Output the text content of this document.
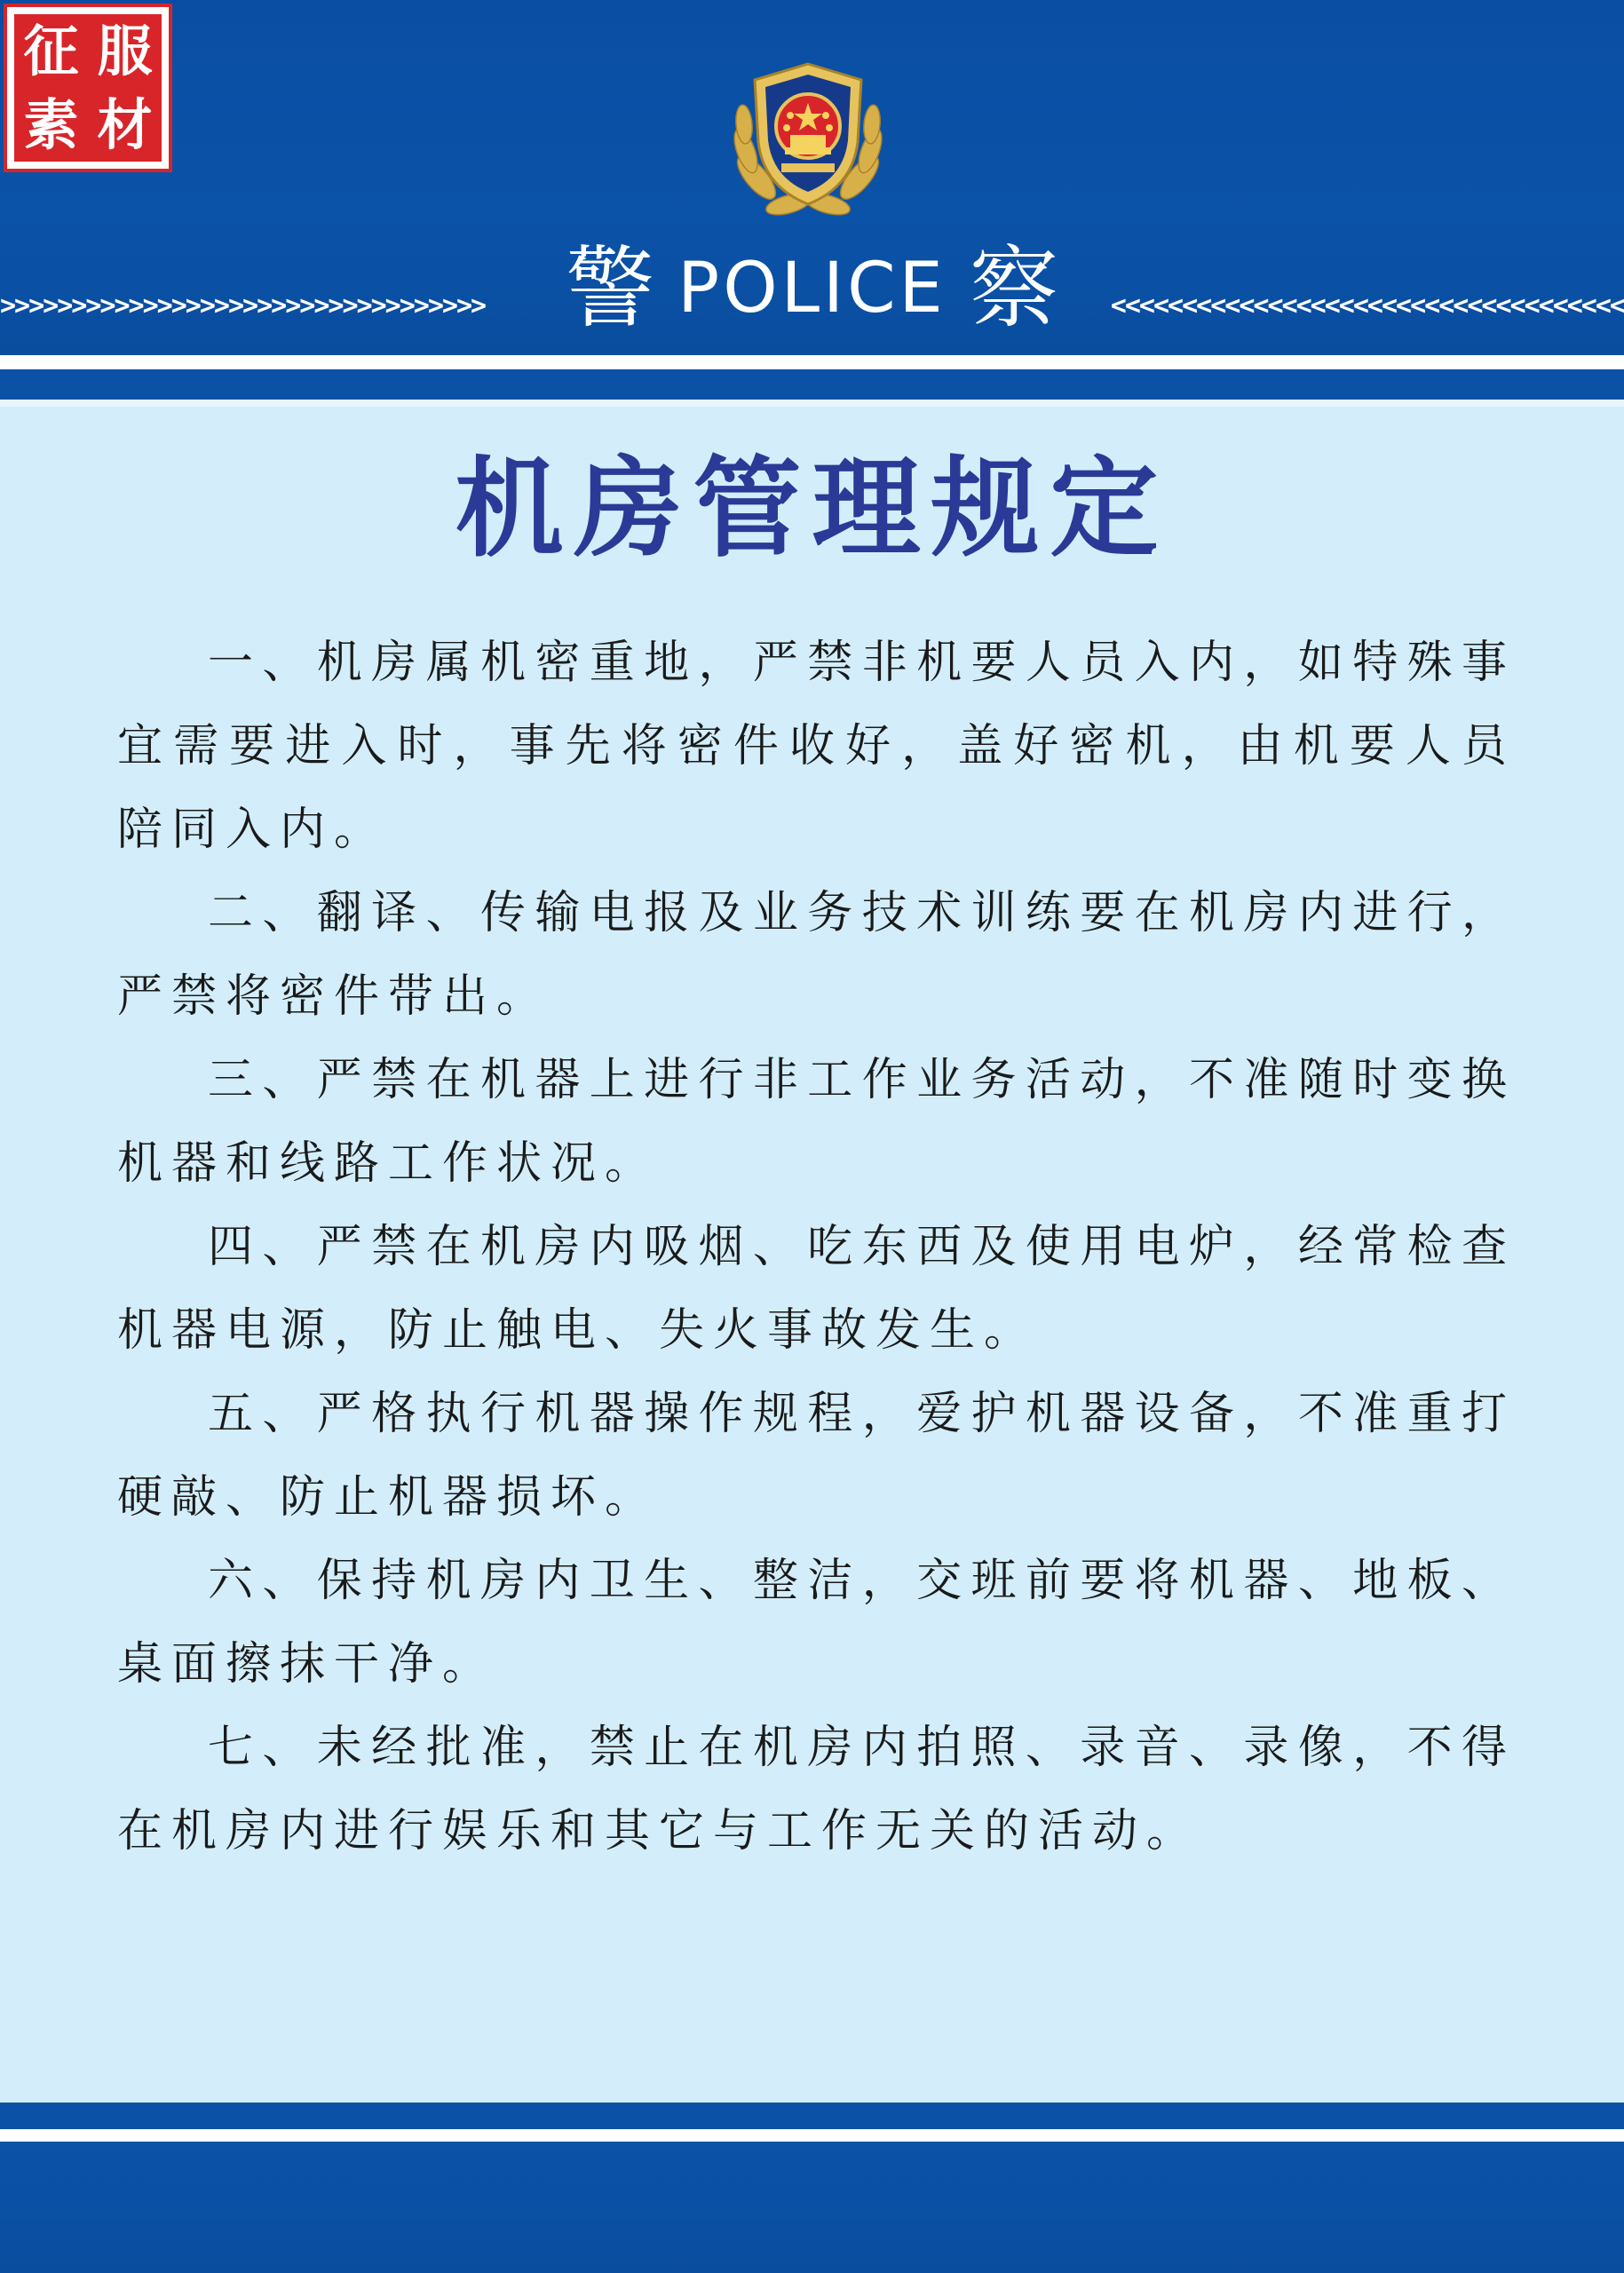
征 服
素 材
警 POLICE 察
>>>>>>>>>>>>>>>>>>>>>>>>>>>>>>>>>>	<<<<<<<<<<<<<<<<<<<<<<<<<<<<<<<<<<<<
机房管理规定

一、机房属机密重地，严禁非机要人员入内，如特殊事宜需要进入时，事先将密件收好，盖好密机，由机要人员陪同入内。

二、翻译、传输电报及业务技术训练要在机房内进行，严禁将密件带出。

三、严禁在机器上进行非工作业务活动，不准随时变换机器和线路工作状况。

四、严禁在机房内吸烟、吃东西及使用电炉，经常检查机器电源，防止触电、失火事故发生。

五、严格执行机器操作规程，爱护机器设备，不准重打硬敲、防止机器损坏。

六、保持机房内卫生、整洁，交班前要将机器、地板、桌面擦抹干净。

七、未经批准，禁止在机房内拍照、录音、录像，不得在机房内进行娱乐和其它与工作无关的活动。
